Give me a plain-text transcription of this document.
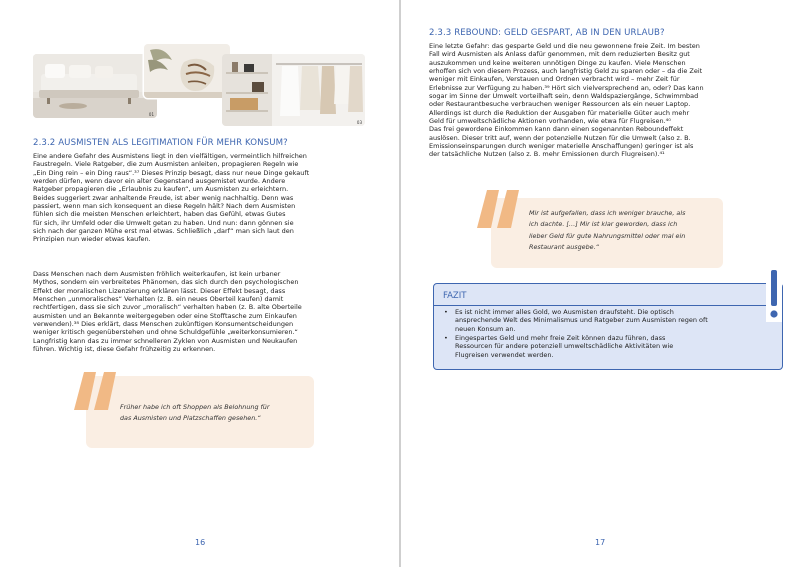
01
03
2.3.2 AUSMISTEN ALS LEGITIMATION FÜR MEHR KONSUM?

Eine andere Gefahr des Ausmistens liegt in den vielfältigen, vermeintlich hilfreichen

Faustregeln. Viele Ratgeber, die zum Ausmisten anleiten, propagieren Regeln wie

„Ein Ding rein – ein Ding raus“.³⁷ Dieses Prinzip besagt, dass nur neue Dinge gekauft

werden dürfen, wenn davor ein alter Gegenstand ausgemistet wurde. Andere

Ratgeber propagieren die „Erlaubnis zu kaufen“, um Ausmisten zu erleichtern.

Beides suggeriert zwar anhaltende Freude, ist aber wenig nachhaltig. Denn was

passiert, wenn man sich konsequent an diese Regeln hält? Nach dem Ausmisten

fühlen sich die meisten Menschen erleichtert, haben das Gefühl, etwas Gutes

für sich, ihr Umfeld oder die Umwelt getan zu haben. Und nun: dann gönnen sie

sich nach der ganzen Mühe erst mal etwas. Schließlich „darf“ man sich laut den

Prinzipien nun wieder etwas kaufen.

Dass Menschen nach dem Ausmisten fröhlich weiterkaufen, ist kein urbaner

Mythos, sondern ein verbreitetes Phänomen, das sich durch den psychologischen

Effekt der moralischen Lizenzierung erklären lässt. Dieser Effekt besagt, dass

Menschen „unmoralisches“ Verhalten (z. B. ein neues Oberteil kaufen) damit

rechtfertigen, dass sie sich zuvor „moralisch“ verhalten haben (z. B. alte Oberteile

ausmisten und an Bekannte weitergegeben oder eine Stofftasche zum Einkaufen

verwenden).³⁸ Dies erklärt, dass Menschen zukünftigen Konsumentscheidungen

weniger kritisch gegenüberstehen und ohne Schuldgefühle „weiterkonsumieren.“

Langfristig kann das zu immer schnelleren Zyklen von Ausmisten und Neukaufen

führen. Wichtig ist, diese Gefahr frühzeitig zu erkennen.

Früher habe ich oft Shoppen als Belohnung für
das Ausmisten und Platzschaffen gesehen.“
16
2.3.3 REBOUND: GELD GESPART, AB IN DEN URLAUB?

Eine letzte Gefahr: das gesparte Geld und die neu gewonnene freie Zeit. Im besten

Fall wird Ausmisten als Anlass dafür genommen, mit dem reduzierten Besitz gut

auszukommen und keine weiteren unnötigen Dinge zu kaufen. Viele Menschen

erhoffen sich von diesem Prozess, auch langfristig Geld zu sparen oder – da die Zeit

weniger mit Einkaufen, Verstauen und Ordnen verbracht wird – mehr Zeit für

Erlebnisse zur Verfügung zu haben.³⁹ Hört sich vielversprechend an, oder? Das kann

sogar im Sinne der Umwelt vorteilhaft sein, denn Waldspaziergänge, Schwimmbad

oder Restaurantbesuche verbrauchen weniger Ressourcen als ein neuer Laptop.

Allerdings ist durch die Reduktion der Ausgaben für materielle Güter auch mehr

Geld für umweltschädliche Aktionen vorhanden, wie etwa für Flugreisen.⁴⁰

Das frei gewordene Einkommen kann dann einen sogenannten Reboundeffekt

auslösen. Dieser tritt auf, wenn der potenzielle Nutzen für die Umwelt (also z. B.

Emissionseinsparungen durch weniger materielle Anschaffungen) geringer ist als

der tatsächliche Nutzen (also z. B. mehr Emissionen durch Flugreisen).⁴¹

Mir ist aufgefallen, dass ich weniger brauche, als
ich dachte. […] Mir ist klar geworden, dass ich
lieber Geld für gute Nahrungsmittel oder mal ein
Restaurant ausgebe.“
FAZIT
• Es ist nicht immer alles Gold, wo Ausmisten draufsteht. Die optisch
ansprechende Welt des Minimalismus und Ratgeber zum Ausmisten regen oft
neuen Konsum an.
• Eingespartes Geld und mehr freie Zeit können dazu führen, dass
Ressourcen für andere potenziell umweltschädliche Aktivitäten wie
Flugreisen verwendet werden.
17
